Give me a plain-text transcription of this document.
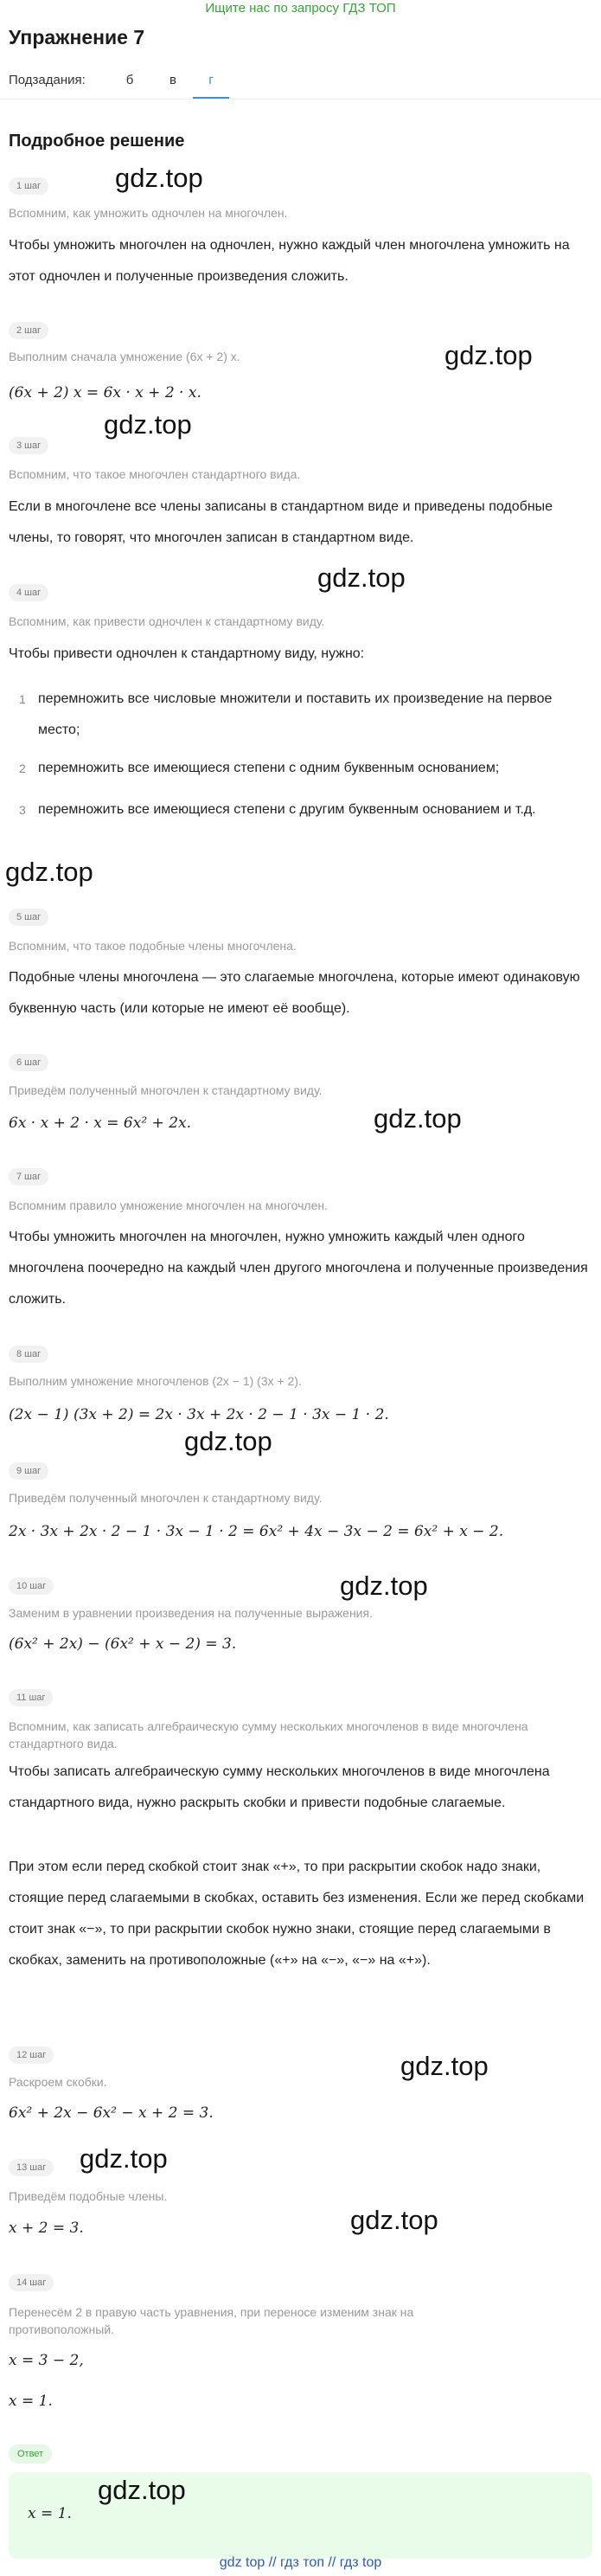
Ищите нас по запросу ГДЗ ТОП
Упражнение 7
Подзадания:	б	в	г
Подробное решение
1 шаг	gdz.top
Вспомним, как умножить одночлен на многочлен.
Чтобы умножить многочлен на одночлен, нужно каждый член многочлена умножить на этот одночлен и полученные произведения сложить.
2 шаг
Выполним сначала умножение (6x + 2) x.	gdz.top
(6x + 2) x = 6x · x + 2 · x.
3 шаг
gdz.top
Вспомним, что такое многочлен стандартного вида.
Если в многочлене все члены записаны в стандартном виде и приведены подобные члены, то говорят, что многочлен записан в стандартном виде.
4 шаг	gdz.top
Вспомним, как привести одночлен к стандартному виду.
Чтобы привести одночлен к стандартному виду, нужно:
1 перемножить все числовые множители и поставить их произведение на первое место;
2 перемножить все имеющиеся степени с одним буквенным основанием;
3 перемножить все имеющиеся степени с другим буквенным основанием и т.д.
gdz.top
5 шаг
Вспомним, что такое подобные члены многочлена.
Подобные члены многочлена — это слагаемые многочлена, которые имеют одинаковую буквенную часть (или которые не имеют её вообще).
6 шаг
Приведём полученный многочлен к стандартному виду.
gdz.top
6x · x + 2 · x = 6x² + 2x.
7 шаг
Вспомним правило умножение многочлен на многочлен.
Чтобы умножить многочлен на многочлен, нужно умножить каждый член одного многочлена поочередно на каждый член другого многочлена и полученные произведения сложить.
8 шаг
Выполним умножение многочленов (2x − 1) (3x + 2).
(2x − 1) (3x + 2) = 2x · 3x + 2x · 2 − 1 · 3x − 1 · 2.
gdz.top
9 шаг
Приведём полученный многочлен к стандартному виду.
2x · 3x + 2x · 2 − 1 · 3x − 1 · 2 = 6x² + 4x − 3x − 2 = 6x² + x − 2.
10 шаг	gdz.top
Заменим в уравнении произведения на полученные выражения.
(6x² + 2x) − (6x² + x − 2) = 3.
11 шаг
Вспомним, как записать алгебраическую сумму нескольких многочленов в виде многочлена стандартного вида.
Чтобы записать алгебраическую сумму нескольких многочленов в виде многочлена стандартного вида, нужно раскрыть скобки и привести подобные слагаемые.
При этом если перед скобкой стоит знак «+», то при раскрытии скобок надо знаки, стоящие перед слагаемыми в скобках, оставить без изменения. Если же перед скобками стоит знак «−», то при раскрытии скобок нужно знаки, стоящие перед слагаемыми в скобках, заменить на противоположные («+» на «−», «−» на «+»).
12 шаг	gdz.top
Раскроем скобки.
6x² + 2x − 6x² − x + 2 = 3.
13 шаг gdz.top
gdz.top
Приведём подобные члены.
x + 2 = 3.
14 шаг
Перенесём 2 в правую часть уравнения, при переносе изменим знак на противоположный.
x = 3 − 2,
x = 1.
Ответ
x = 1.
gdz.top
gdz top // гдз топ // гдз top
